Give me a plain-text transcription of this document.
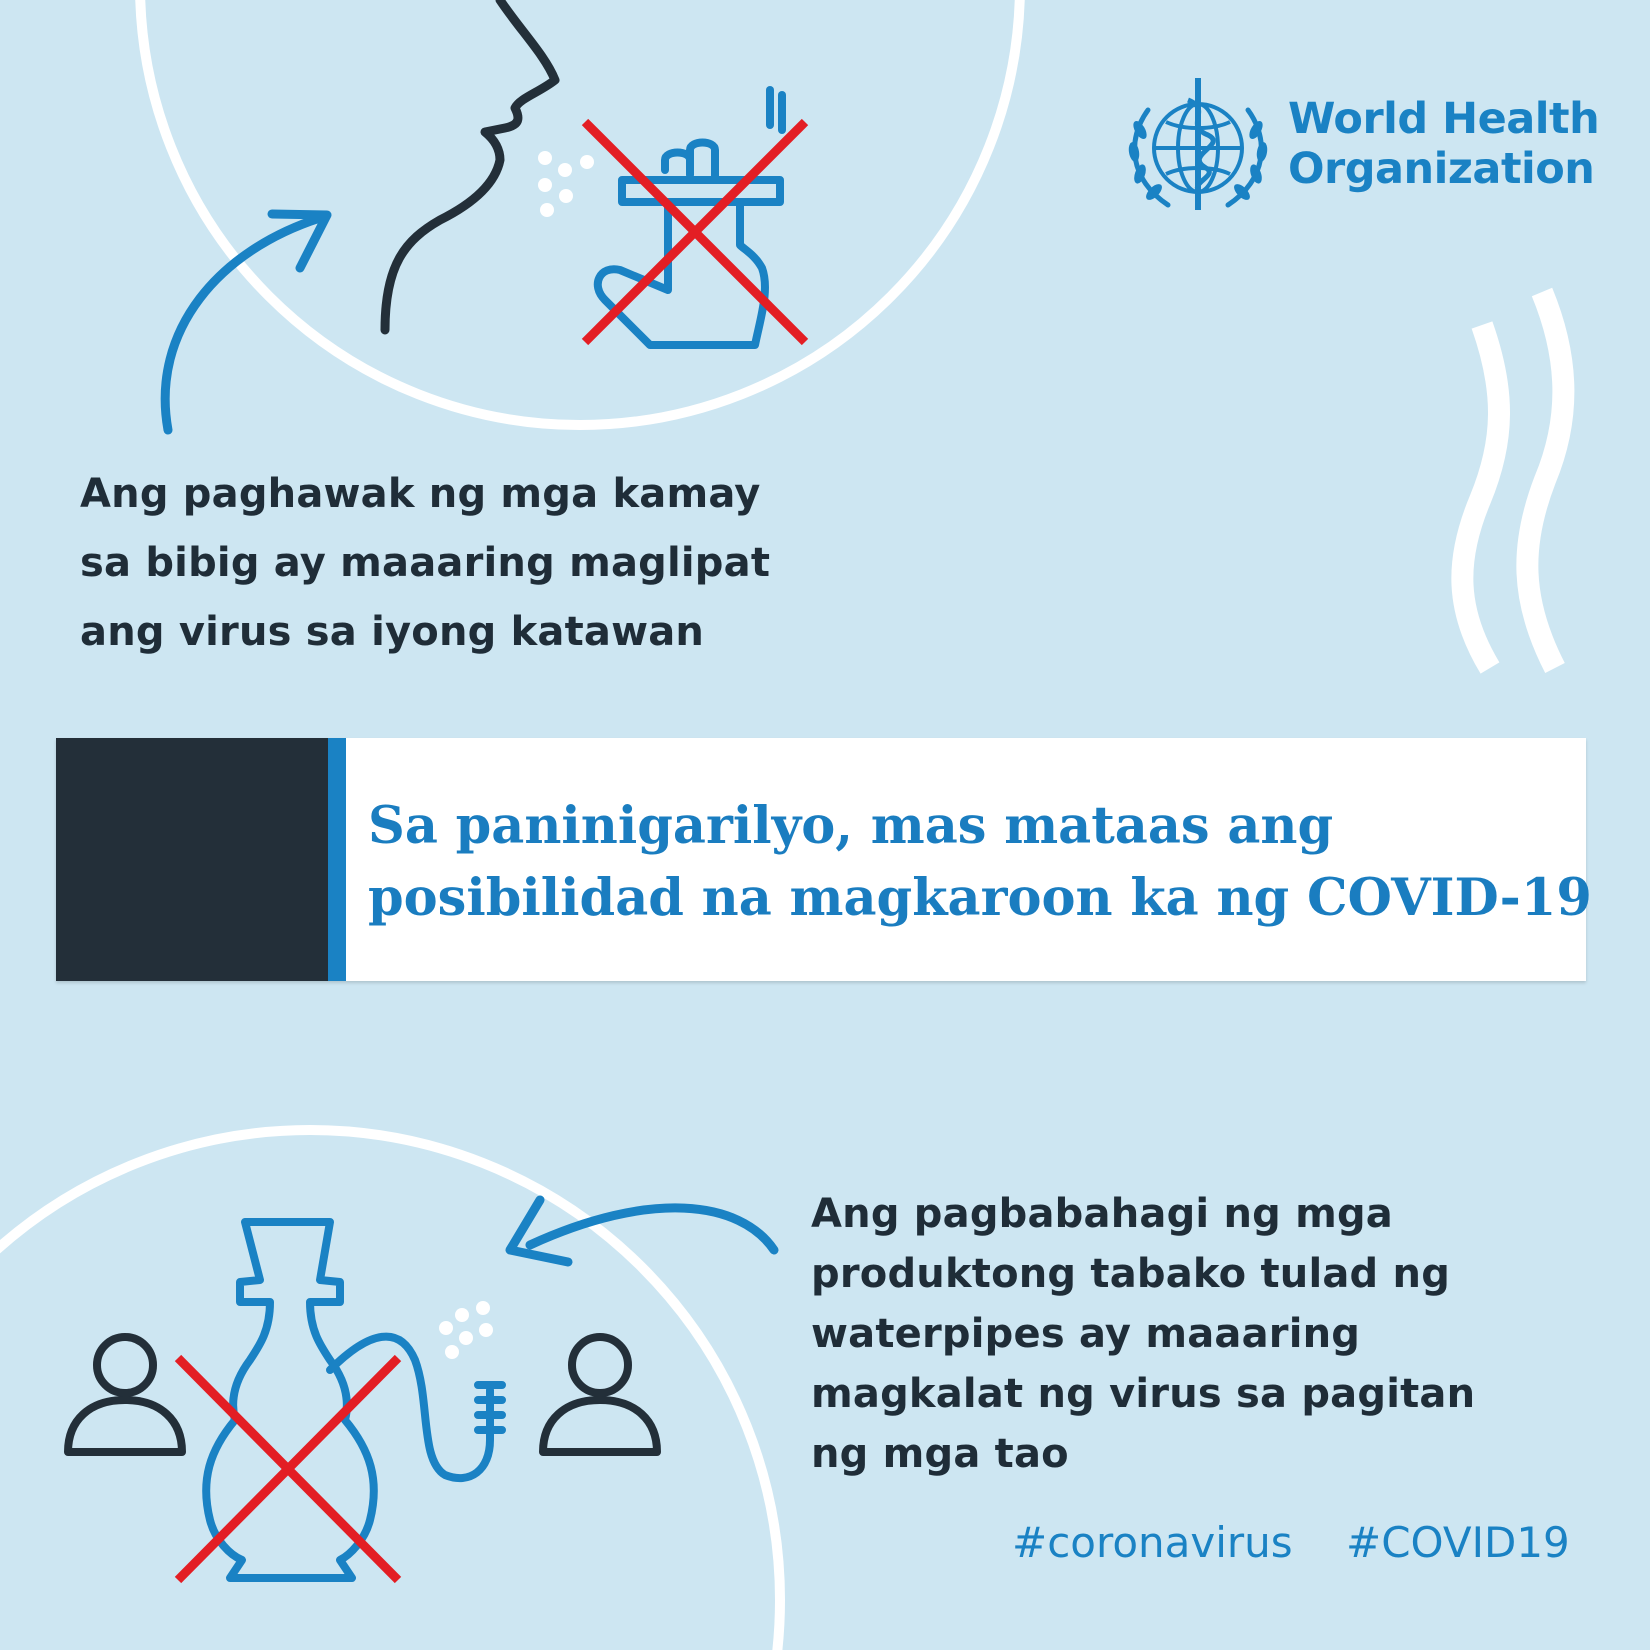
World Health
Organization
Ang paghawak ng mga kamay
sa bibig ay maaaring maglipat
ang virus sa iyong katawan
Sa paninigarilyo, mas mataas ang
posibilidad na magkaroon ka ng COVID-19
Ang pagbabahagi ng mga
produktong tabako tulad ng
waterpipes ay maaaring
magkalat ng virus sa pagitan
ng mga tao
#coronavirus #COVID19
